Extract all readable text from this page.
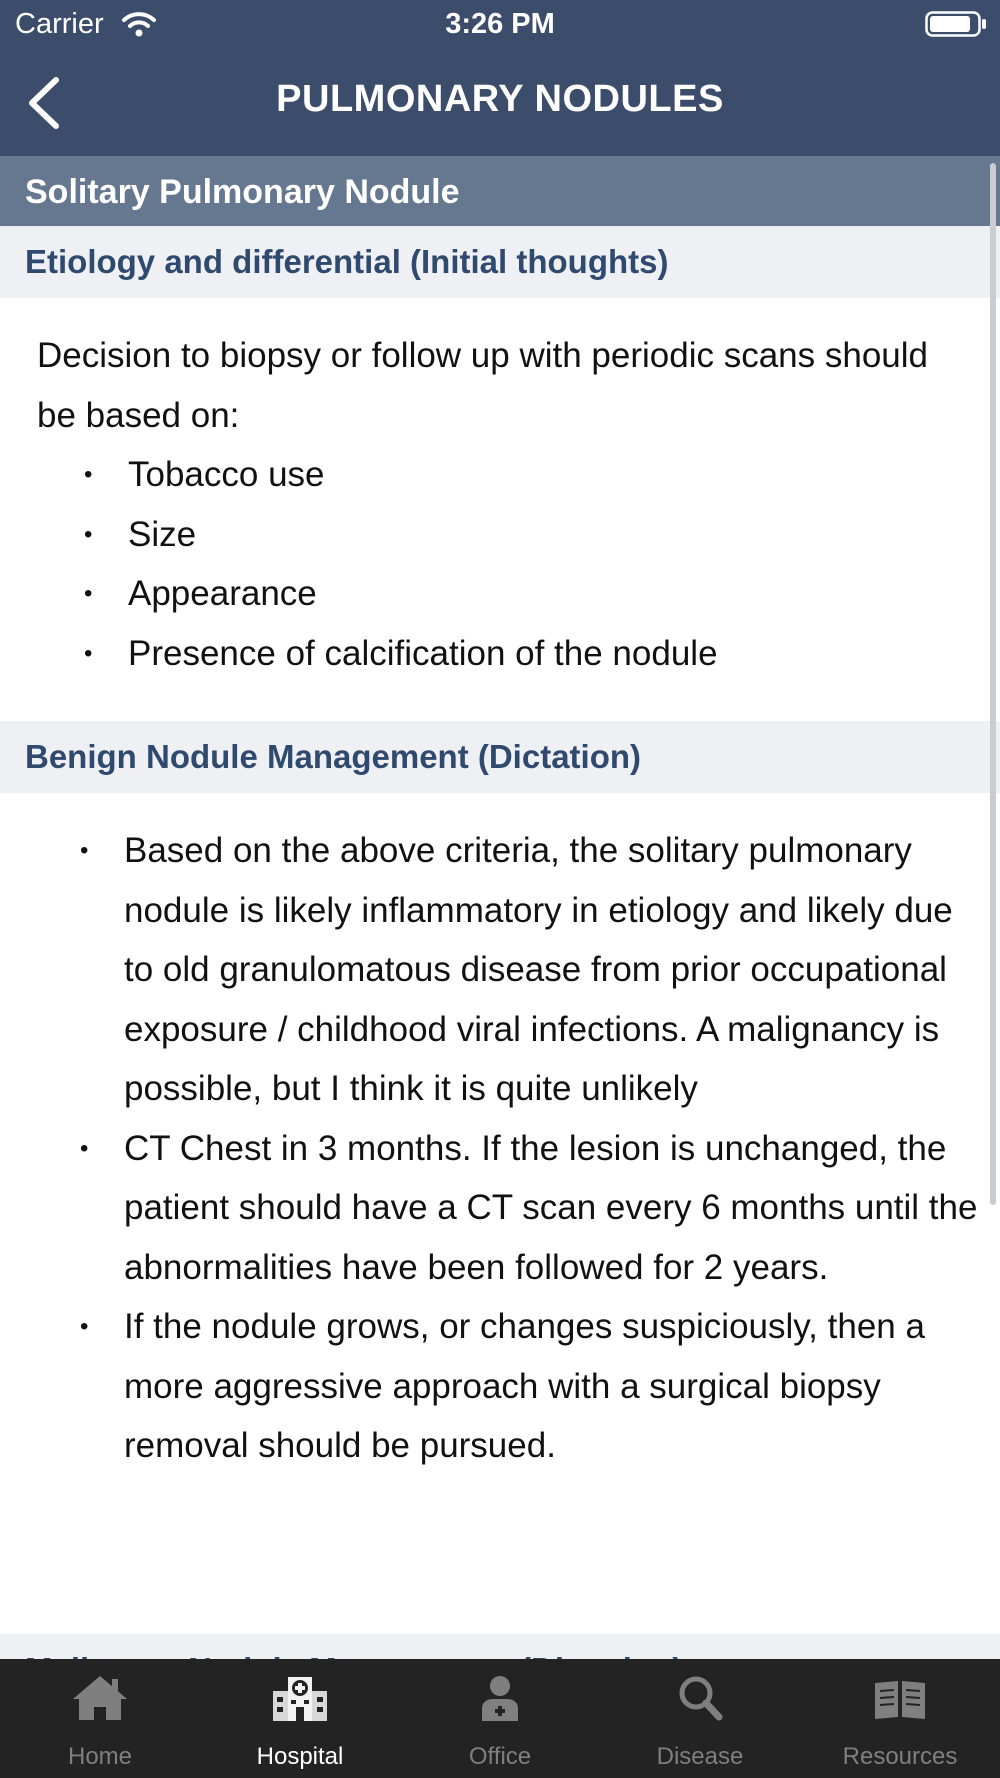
Carrier	3:26 PM
PULMONARY NODULES
Solitary Pulmonary Nodule
Etiology and differential (Initial thoughts)

Decision to biopsy or follow up with periodic scans should be based on:

• Tobacco use
• Size
• Appearance
• Presence of calcification of the nodule
Benign Nodule Management (Dictation)
• Based on the above criteria, the solitary pulmonary nodule is likely inflammatory in etiology and likely due to old granulomatous disease from prior occupational exposure / childhood viral infections. A malignancy is possible, but I think it is quite unlikely
• CT Chest in 3 months. If the lesion is unchanged, the patient should have a CT scan every 6 months until the abnormalities have been followed for 2 years.
• If the nodule grows, or changes suspiciously, then a more aggressive approach with a surgical biopsy removal should be pursued.
Home	Hospital	Office	Disease	Resources
